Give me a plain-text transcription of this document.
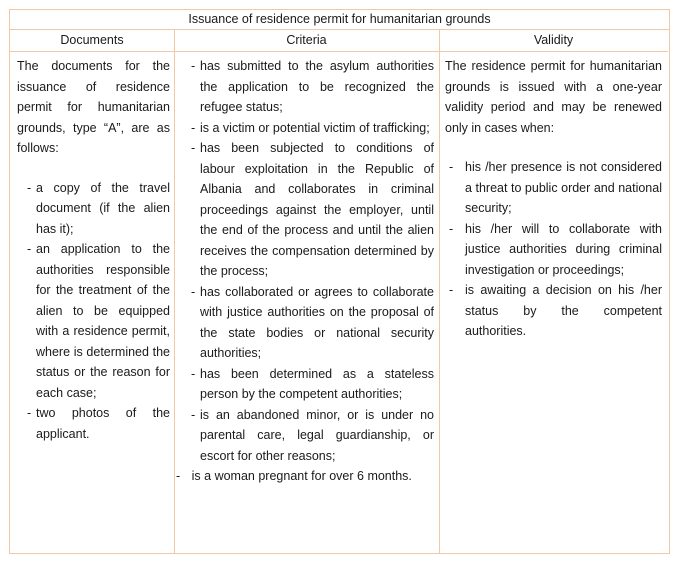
Issuance of residence permit for humanitarian grounds
Documents	Criteria	Validity

The documents for the issuance of residence permit for humanitarian grounds, type “A”, are as follows:

- a copy of the travel document (if the alien has it);
- an application to the authorities responsible for the treatment of the alien to be equipped with a residence permit, where is determined the status or the reason for each case;
- two photos of the applicant.
- has submitted to the asylum authorities the application to be recognized the refugee status;
- is a victim or potential victim of trafficking;
- has been subjected to conditions of labour exploitation in the Republic of Albania and collaborates in criminal proceedings against the employer, until the end of the process and until the alien receives the compensation determined by the process;
- has collaborated or agrees to collaborate with justice authorities on the proposal of the state bodies or national security authorities;
- has been determined as a stateless person by the competent authorities;
- is an abandoned minor, or is under no parental care, legal guardianship, or escort for other reasons;

- is a woman pregnant for over 6 months.

The residence permit for humanitarian grounds is issued with a one-year validity period and may be renewed only in cases when:

- his /her presence is not considered a threat to public order and national security;
- his /her will to collaborate with justice authorities during criminal investigation or proceedings;
- is awaiting a decision on his /her status by the competent authorities.
